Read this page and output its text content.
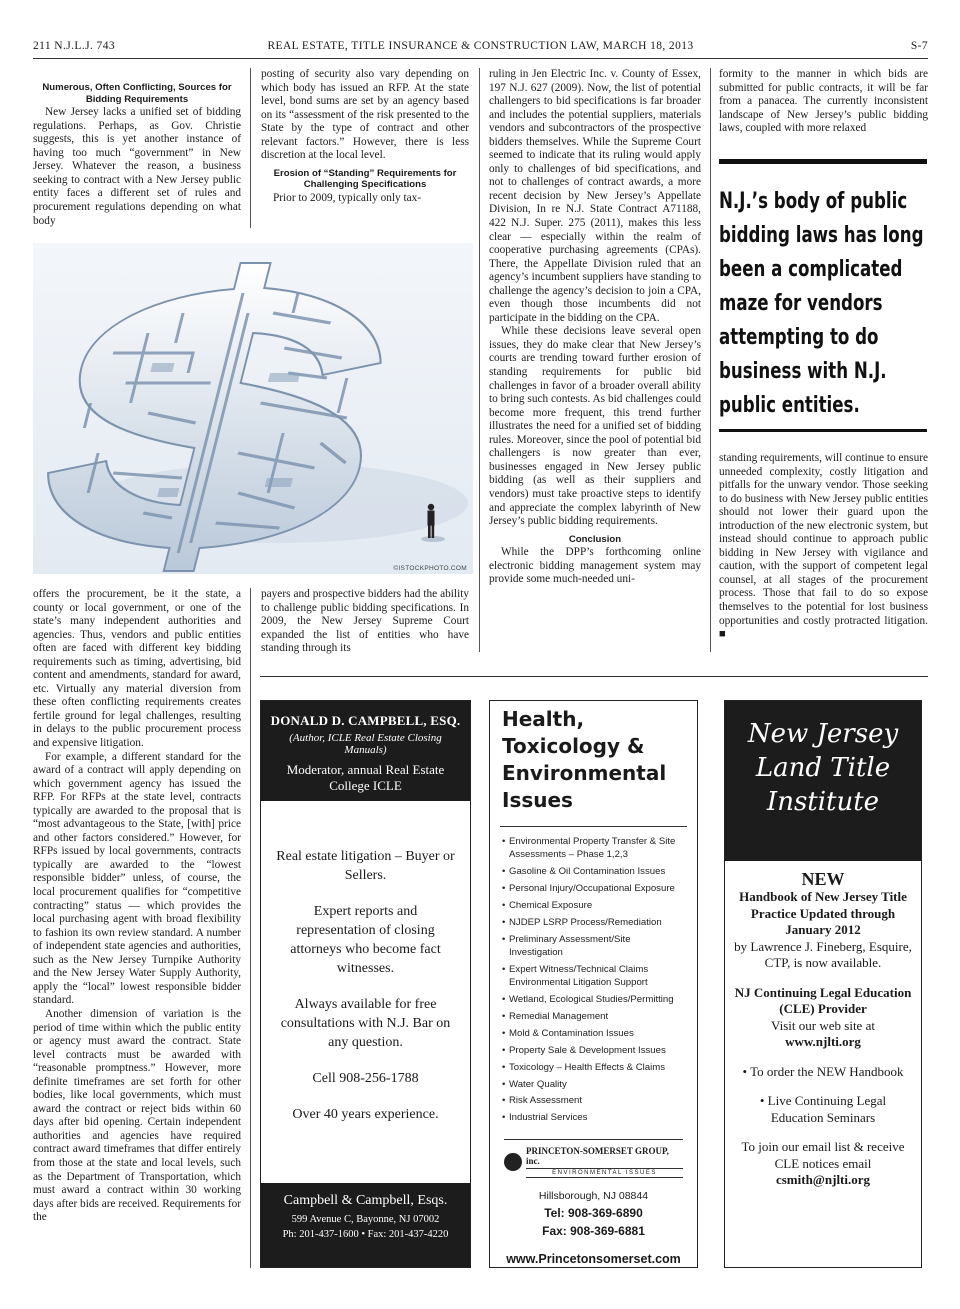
211 N.J.L.J. 743	REAL ESTATE, TITLE INSURANCE & CONSTRUCTION LAW, MARCH 18, 2013	S-7
Numerous, Often Conflicting, Sources for Bidding Requirements

New Jersey lacks a unified set of bidding regulations. Perhaps, as Gov. Christie suggests, this is yet another instance of having too much “government” in New Jersey. Whatever the reason, a business seeking to contract with a New Jersey public entity faces a different set of rules and procurement regulations depending on what body

posting of security also vary depending on which body has issued an RFP. At the state level, bond sums are set by an agency based on its “assessment of the risk presented to the State by the type of contract and other relevant factors.” However, there is less discretion at the local level.

Erosion of “Standing” Requirements for Challenging Specifications

Prior to 2009, typically only tax-

©ISTOCKPHOTO.COM

ruling in Jen Electric Inc. v. County of Essex, 197 N.J. 627 (2009). Now, the list of potential challengers to bid specifications is far broader and includes the potential suppliers, materials vendors and subcontractors of the prospective bidders themselves. While the Supreme Court seemed to indicate that its ruling would apply only to challenges of bid specifications, and not to challenges of contract awards, a more recent decision by New Jersey’s Appellate Division, In re N.J. State Contract A71188, 422 N.J. Super. 275 (2011), makes this less clear — especially within the realm of cooperative purchasing agreements (CPAs). There, the Appellate Division ruled that an agency’s incumbent suppliers have standing to challenge the agency’s decision to join a CPA, even though those incumbents did not participate in the bidding on the CPA.

While these decisions leave several open issues, they do make clear that New Jersey’s courts are trending toward further erosion of standing requirements for public bid challenges in favor of a broader overall ability to bring such contests. As bid challenges could become more frequent, this trend further illustrates the need for a unified set of bidding rules. Moreover, since the pool of potential bid challengers is now greater than ever, businesses engaged in New Jersey public bidding (as well as their suppliers and vendors) must take proactive steps to identify and appreciate the complex labyrinth of New Jersey’s public bidding requirements.

Conclusion

While the DPP’s forthcoming online electronic bidding management system may provide some much-needed uni-

formity to the manner in which bids are submitted for public contracts, it will be far from a panacea. The currently inconsistent landscape of New Jersey’s public bidding laws, coupled with more relaxed

N.J.’s body of public
bidding laws has long
been a complicated
maze for vendors
attempting to do
business with N.J.
public entities.

standing requirements, will continue to ensure unneeded complexity, costly litigation and pitfalls for the unwary vendor. Those seeking to do business with New Jersey public entities should not lower their guard upon the introduction of the new electronic system, but instead should continue to approach public bidding in New Jersey with vigilance and caution, with the support of competent legal counsel, at all stages of the procurement process. Those that fail to do so expose themselves to the potential for lost business opportunities and costly protracted litigation. ■

offers the procurement, be it the state, a county or local government, or one of the state’s many independent authorities and agencies. Thus, vendors and public entities often are faced with different key bidding requirements such as timing, advertising, bid content and amendments, standard for award, etc. Virtually any material diversion from these often conflicting requirements creates fertile ground for legal challenges, resulting in delays to the public procurement process and expensive litigation.

For example, a different standard for the award of a contract will apply depending on which government agency has issued the RFP. For RFPs at the state level, contracts typically are awarded to the proposal that is “most advantageous to the State, [with] price and other factors considered.” However, for RFPs issued by local governments, contracts typically are awarded to the “lowest responsible bidder” unless, of course, the local procurement qualifies for “competitive contracting” status — which provides the local purchasing agent with broad flexibility to fashion its own review standard. A number of independent state agencies and authorities, such as the New Jersey Turnpike Authority and the New Jersey Water Supply Authority, apply the “local” lowest responsible bidder standard.

Another dimension of variation is the period of time within which the public entity or agency must award the contract. State level contracts must be awarded with “reasonable promptness.” However, more definite timeframes are set forth for other bodies, like local governments, which must award the contract or reject bids within 60 days after bid opening. Certain independent authorities and agencies have required contract award timeframes that differ entirely from those at the state and local levels, such as the Department of Transportation, which must award a contract within 30 working days after bids are received. Requirements for the

payers and prospective bidders had the ability to challenge public bidding specifications. In 2009, the New Jersey Supreme Court expanded the list of entities who have standing through its

DONALD D. CAMPBELL, ESQ.
(Author, ICLE Real Estate Closing Manuals)
Moderator, annual Real Estate College ICLE

Real estate litigation – Buyer or Sellers.

Expert reports and representation of closing attorneys who become fact witnesses.

Always available for free consultations with N.J. Bar on any question.

Cell 908-256-1788

Over 40 years experience.

Campbell & Campbell, Esqs.
599 Avenue C, Bayonne, NJ 07002
Ph: 201-437-1600 • Fax: 201-437-4220
Health,
Toxicology &
Environmental
Issues
• Environmental Property Transfer & Site Assessments – Phase 1,2,3
• Gasoline & Oil Contamination Issues
• Personal Injury/Occupational Exposure
• Chemical Exposure
• NJDEP LSRP Process/Remediation
• Preliminary Assessment/Site Investigation
• Expert Witness/Technical Claims Environmental Litigation Support
• Wetland, Ecological Studies/Permitting
• Remedial Management
• Mold & Contamination Issues
• Property Sale & Development Issues
• Toxicology – Health Effects & Claims
• Water Quality
• Risk Assessment
• Industrial Services
PRINCETON-SOMERSET GROUP, inc.
ENVIRONMENTAL ISSUES
Hillsborough, NJ 08844
Tel: 908-369-6890
Fax: 908-369-6881
www.Princetonsomerset.com
New Jersey
Land Title
Institute
NEW
Handbook of New Jersey Title Practice Updated through January 2012
by Lawrence J. Fineberg, Esquire, CTP, is now available.
NJ Continuing Legal Education (CLE) Provider
Visit our web site at
www.njlti.org
• To order the NEW Handbook
• Live Continuing Legal Education Seminars
To join our email list & receive CLE notices email
csmith@njlti.org
